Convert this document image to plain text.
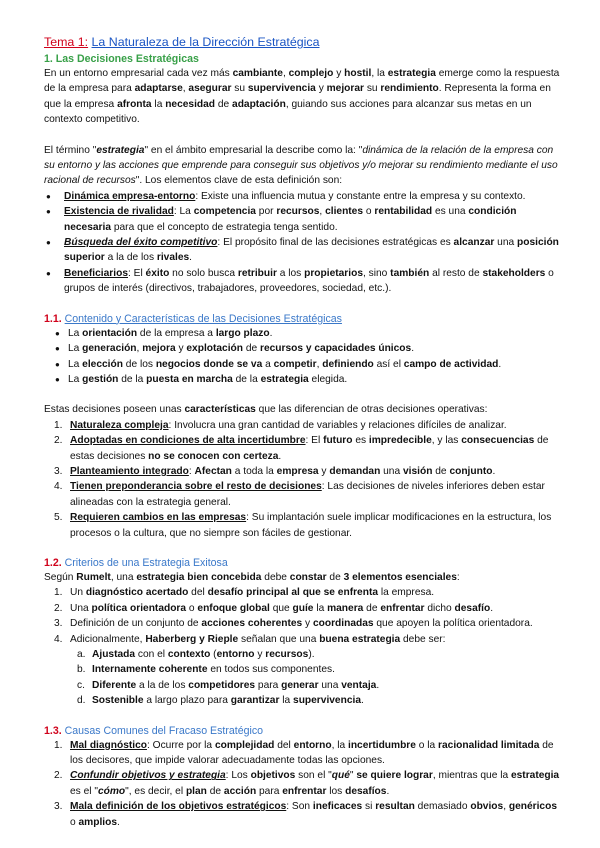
Tema 1: La Naturaleza de la Dirección Estratégica
1. Las Decisiones Estratégicas

En un entorno empresarial cada vez más cambiante, complejo y hostil, la estrategia emerge como la respuesta de la empresa para adaptarse, asegurar su supervivencia y mejorar su rendimiento. Representa la forma en que la empresa afronta la necesidad de adaptación, guiando sus acciones para alcanzar sus metas en un contexto competitivo.

El término "estrategia" en el ámbito empresarial la describe como la: "dinámica de la relación de la empresa con su entorno y las acciones que emprende para conseguir sus objetivos y/o mejorar su rendimiento mediante el uso racional de recursos". Los elementos clave de esta definición son:

● Dinámica empresa-entorno: Existe una influencia mutua y constante entre la empresa y su contexto.
● Existencia de rivalidad: La competencia por recursos, clientes o rentabilidad es una condición necesaria para que el concepto de estrategia tenga sentido.
● Búsqueda del éxito competitivo: El propósito final de las decisiones estratégicas es alcanzar una posición superior a la de los rivales.
● Beneficiarios: El éxito no solo busca retribuir a los propietarios, sino también al resto de stakeholders o grupos de interés (directivos, trabajadores, proveedores, sociedad, etc.).
1.1. Contenido y Características de las Decisiones Estratégicas
● La orientación de la empresa a largo plazo.
● La generación, mejora y explotación de recursos y capacidades únicos.
● La elección de los negocios donde se va a competir, definiendo así el campo de actividad.
● La gestión de la puesta en marcha de la estrategia elegida.

Estas decisiones poseen unas características que las diferencian de otras decisiones operativas:

1. Naturaleza compleja: Involucra una gran cantidad de variables y relaciones difíciles de analizar.
2. Adoptadas en condiciones de alta incertidumbre: El futuro es impredecible, y las consecuencias de estas decisiones no se conocen con certeza.
3. Planteamiento integrado: Afectan a toda la empresa y demandan una visión de conjunto.
4. Tienen preponderancia sobre el resto de decisiones: Las decisiones de niveles inferiores deben estar alineadas con la estrategia general.
5. Requieren cambios en las empresas: Su implantación suele implicar modificaciones en la estructura, los procesos o la cultura, que no siempre son fáciles de gestionar.
1.2. Criterios de una Estrategia Exitosa

Según Rumelt, una estrategia bien concebida debe constar de 3 elementos esenciales:

1. Un diagnóstico acertado del desafío principal al que se enfrenta la empresa.
2. Una política orientadora o enfoque global que guíe la manera de enfrentar dicho desafío.
3. Definición de un conjunto de acciones coherentes y coordinadas que apoyen la política orientadora.
4. Adicionalmente, Haberberg y Rieple señalan que una buena estrategia debe ser:
a. Ajustada con el contexto (entorno y recursos).
b. Internamente coherente en todos sus componentes.
c. Diferente a la de los competidores para generar una ventaja.
d. Sostenible a largo plazo para garantizar la supervivencia.
1.3. Causas Comunes del Fracaso Estratégico
1. Mal diagnóstico: Ocurre por la complejidad del entorno, la incertidumbre o la racionalidad limitada de los decisores, que impide valorar adecuadamente todas las opciones.
2. Confundir objetivos y estrategia: Los objetivos son el "qué" se quiere lograr, mientras que la estrategia es el "cómo", es decir, el plan de acción para enfrentar los desafíos.
3. Mala definición de los objetivos estratégicos: Son ineficaces si resultan demasiado obvios, genéricos o amplios.
